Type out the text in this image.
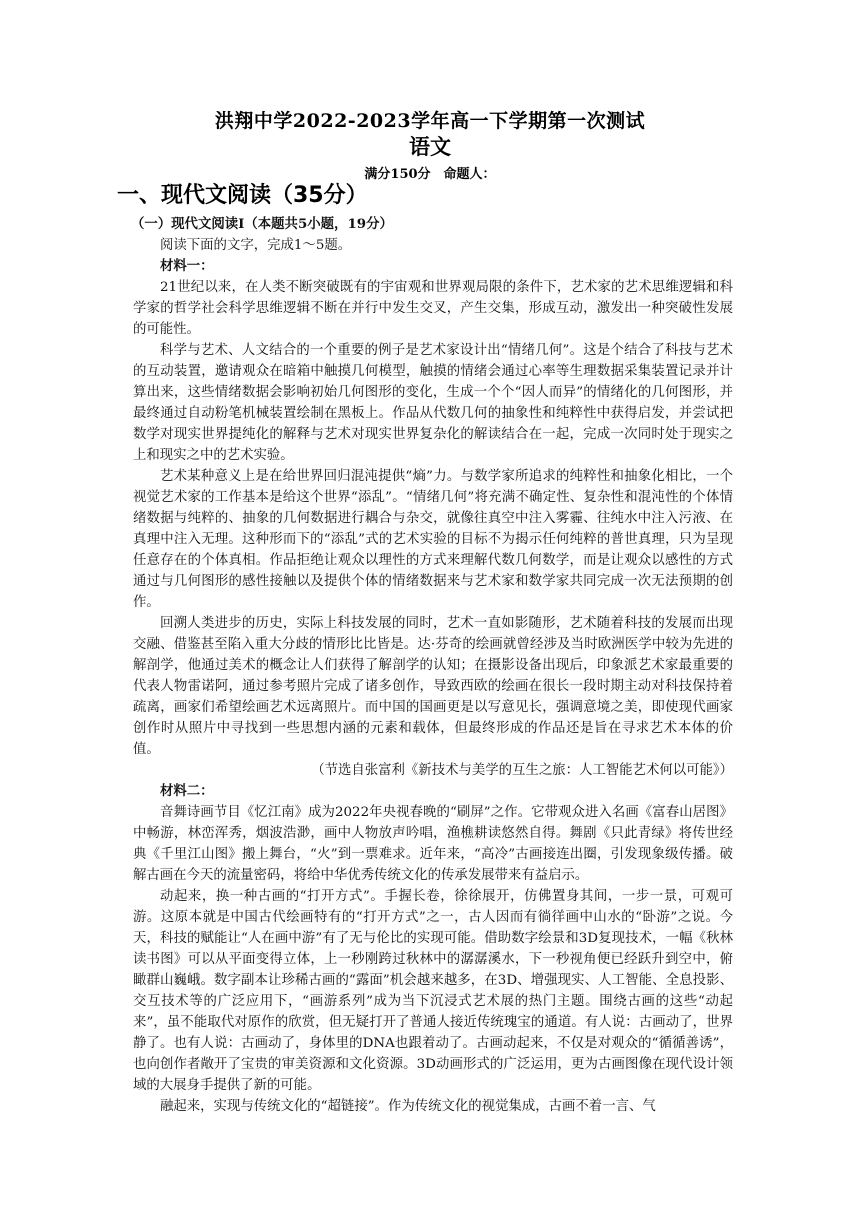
洪翔中学2022-2023学年高一下学期第一次测试
语文
满分150分　命题人：
一、现代文阅读（35分）

（一）现代文阅读Ⅰ（本题共5小题，19分）

阅读下面的文字，完成1～5题。

材料一：

21世纪以来，在人类不断突破既有的宇宙观和世界观局限的条件下，艺术家的艺术思维逻辑和科学家的哲学社会科学思维逻辑不断在并行中发生交叉，产生交集，形成互动，激发出一种突破性发展的可能性。

科学与艺术、人文结合的一个重要的例子是艺术家设计出“情绪几何”。这是个结合了科技与艺术的互动装置，邀请观众在暗箱中触摸几何模型，触摸的情绪会通过心率等生理数据采集装置记录并计算出来，这些情绪数据会影响初始几何图形的变化，生成一个个“因人而异”的情绪化的几何图形，并最终通过自动粉笔机械装置绘制在黑板上。作品从代数几何的抽象性和纯粹性中获得启发，并尝试把数学对现实世界提纯化的解释与艺术对现实世界复杂化的解读结合在一起，完成一次同时处于现实之上和现实之中的艺术实验。

艺术某种意义上是在给世界回归混沌提供“熵”力。与数学家所追求的纯粹性和抽象化相比，一个视觉艺术家的工作基本是给这个世界“添乱”。“情绪几何”将充满不确定性、复杂性和混沌性的个体情绪数据与纯粹的、抽象的几何数据进行耦合与杂交，就像往真空中注入雾霾、往纯水中注入污液、在真理中注入无理。这种形而下的“添乱”式的艺术实验的目标不为揭示任何纯粹的普世真理，只为呈现任意存在的个体真相。作品拒绝让观众以理性的方式来理解代数几何数学，而是让观众以感性的方式通过与几何图形的感性接触以及提供个体的情绪数据来与艺术家和数学家共同完成一次无法预期的创作。

回溯人类进步的历史，实际上科技发展的同时，艺术一直如影随形，艺术随着科技的发展而出现交融、借鉴甚至陷入重大分歧的情形比比皆是。达·芬奇的绘画就曾经涉及当时欧洲医学中较为先进的解剖学，他通过美术的概念让人们获得了解剖学的认知；在摄影设备出现后，印象派艺术家最重要的代表人物雷诺阿，通过参考照片完成了诸多创作，导致西欧的绘画在很长一段时期主动对科技保持着疏离，画家们希望绘画艺术远离照片。而中国的国画更是以写意见长，强调意境之美，即使现代画家创作时从照片中寻找到一些思想内涵的元素和载体，但最终形成的作品还是旨在寻求艺术本体的价值。

（节选自张富利《新技术与美学的互生之旅：人工智能艺术何以可能》）

材料二：

音舞诗画节目《忆江南》成为2022年央视春晚的“刷屏”之作。它带观众进入名画《富春山居图》中畅游，林峦浑秀，烟波浩渺，画中人物放声吟唱，渔樵耕读悠然自得。舞剧《只此青绿》将传世经典《千里江山图》搬上舞台，“火”到一票难求。近年来，“高冷”古画接连出圈，引发现象级传播。破解古画在今天的流量密码，将给中华优秀传统文化的传承发展带来有益启示。

动起来，换一种古画的“打开方式”。手握长卷，徐徐展开，仿佛置身其间，一步一景，可观可游。这原本就是中国古代绘画特有的“打开方式”之一，古人因而有徜徉画中山水的“卧游”之说。今天，科技的赋能让“人在画中游”有了无与伦比的实现可能。借助数字绘景和3D复现技术，一幅《秋林读书图》可以从平面变得立体，上一秒刚跨过秋林中的潺潺溪水，下一秒视角便已经跃升到空中，俯瞰群山巍峨。数字副本让珍稀古画的“露面”机会越来越多，在3D、增强现实、人工智能、全息投影、交互技术等的广泛应用下，“画游系列”成为当下沉浸式艺术展的热门主题。围绕古画的这些“动起来”，虽不能取代对原作的欣赏，但无疑打开了普通人接近传统瑰宝的通道。有人说：古画动了，世界静了。也有人说：古画动了，身体里的DNA也跟着动了。古画动起来，不仅是对观众的“循循善诱”，也向创作者敞开了宝贵的审美资源和文化资源。3D动画形式的广泛运用，更为古画图像在现代设计领域的大展身手提供了新的可能。

融起来，实现与传统文化的“超链接”。作为传统文化的视觉集成，古画不着一言、气
